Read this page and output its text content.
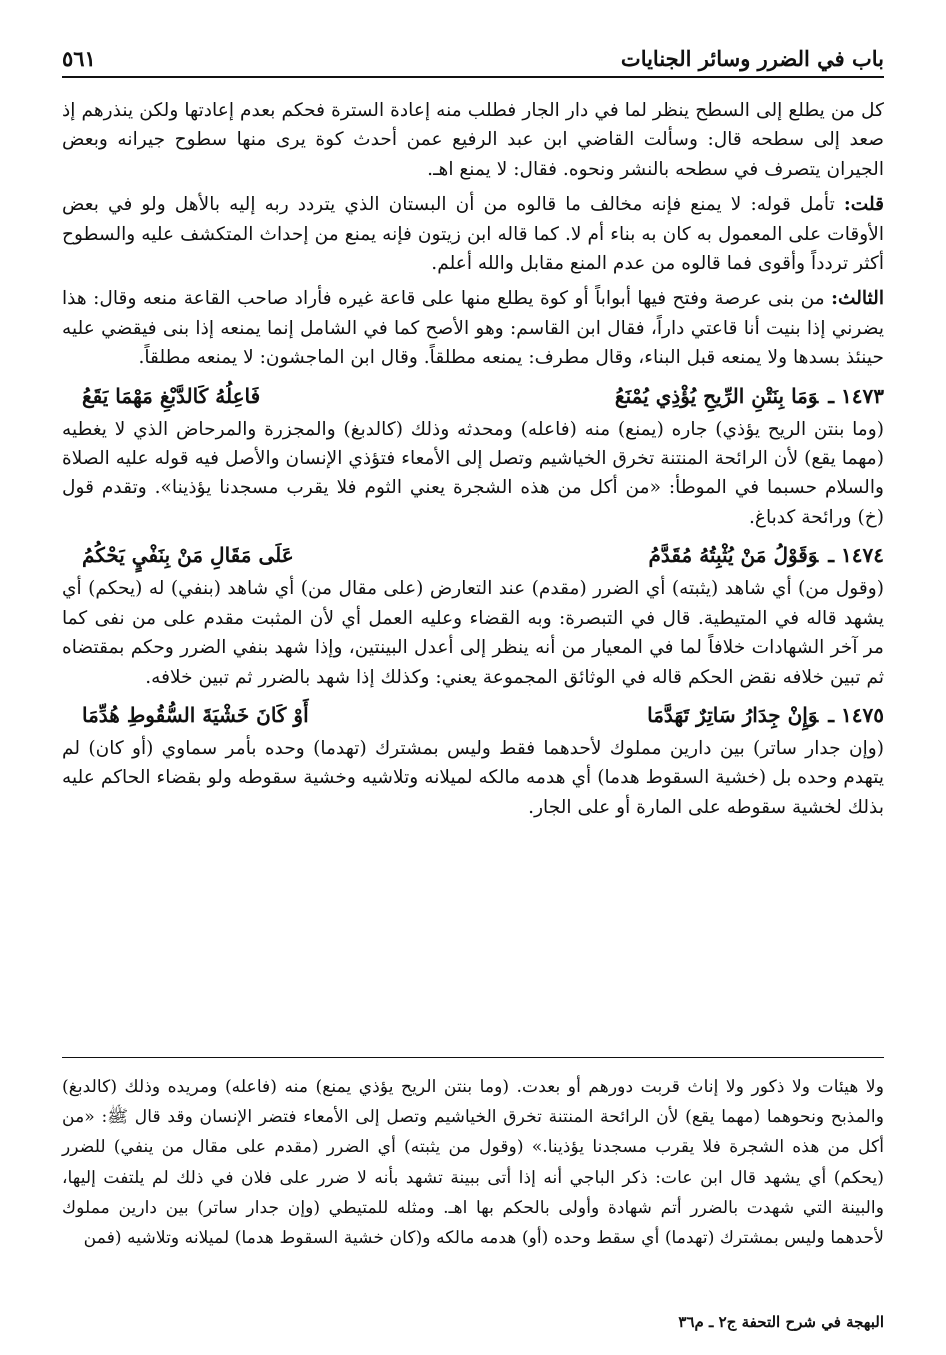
باب في الضرر وسائر الجنايات
٥٦١

كل من يطلع إلى السطح ينظر لما في دار الجار فطلب منه إعادة السترة فحكم بعدم إعادتها ولكن ينذرهم إذ صعد إلى سطحه قال: وسألت القاضي ابن عبد الرفيع عمن أحدث كوة يرى منها سطوح جيرانه وبعض الجيران يتصرف في سطحه بالنشر ونحوه. فقال: لا يمنع اهـ.

قلت: تأمل قوله: لا يمنع فإنه مخالف ما قالوه من أن البستان الذي يتردد ربه إليه بالأهل ولو في بعض الأوقات على المعمول به كان به بناء أم لا. كما قاله ابن زيتون فإنه يمنع من إحداث المتكشف عليه والسطوح أكثر تردداً وأقوى فما قالوه من عدم المنع مقابل والله أعلم.

الثالث: من بنى عرصة وفتح فيها أبواباً أو كوة يطلع منها على قاعة غيره فأراد صاحب القاعة منعه وقال: هذا يضرني إذا بنيت أنا قاعتي داراً، فقال ابن القاسم: وهو الأصح كما في الشامل إنما يمنعه إذا بنى فيقضي عليه حينئذ بسدها ولا يمنعه قبل البناء، وقال مطرف: يمنعه مطلقاً. وقال ابن الماجشون: لا يمنعه مطلقاً.

١٤٧٣ ـوَمَا بِنَتْنِ الرِّيحِ يُؤْذِي يُمْنَعُ
فَاعِلُهُ كَالدَّبْغِ مَهْمَا يَقَعُ

(وما بنتن الريح يؤذي) جاره (يمنع) منه (فاعله) ومحدثه وذلك (كالدبغ) والمجزرة والمرحاض الذي لا يغطيه (مهما يقع) لأن الرائحة المنتنة تخرق الخياشيم وتصل إلى الأمعاء فتؤذي الإنسان والأصل فيه قوله عليه الصلاة والسلام حسبما في الموطأ: «من أكل من هذه الشجرة يعني الثوم فلا يقرب مسجدنا يؤذينا». وتقدم قول (خ) ورائحة كدباغ.

١٤٧٤ ـوَقَوْلُ مَنْ يُثْبِتُهُ مُقَدَّمُ
عَلَى مَقَالِ مَنْ بِنَفْيٍ يَحْكُمُ

(وقول من) أي شاهد (يثبته) أي الضرر (مقدم) عند التعارض (على مقال من) أي شاهد (بنفي) له (يحكم) أي يشهد قاله في المتيطية. قال في التبصرة: وبه القضاء وعليه العمل أي لأن المثبت مقدم على من نفى كما مر آخر الشهادات خلافاً لما في المعيار من أنه ينظر إلى أعدل البينتين، وإذا شهد بنفي الضرر وحكم بمقتضاه ثم تبين خلافه نقض الحكم قاله في الوثائق المجموعة يعني: وكذلك إذا شهد بالضرر ثم تبين خلافه.

١٤٧٥ ـوَإِنْ جِدَارُ سَاتِرٌ تَهَدَّمَا
أَوْ كَانَ خَشْيَةَ السُّقُوطِ هُدِّمَا

(وإن جدار ساتر) بين دارين مملوك لأحدهما فقط وليس بمشترك (تهدما) وحده بأمر سماوي (أو كان) لم يتهدم وحده بل (خشية السقوط هدما) أي هدمه مالكه لميلانه وتلاشيه وخشية سقوطه ولو بقضاء الحاكم عليه بذلك لخشية سقوطه على المارة أو على الجار.

ولا هيئات ولا ذكور ولا إناث قربت دورهم أو بعدت. (وما بنتن الريح يؤذي يمنع) منه (فاعله) ومريده وذلك (كالدبغ) والمذبح ونحوهما (مهما يقع) لأن الرائحة المنتنة تخرق الخياشيم وتصل إلى الأمعاء فتضر الإنسان وقد قال ﷺ: «من أكل من هذه الشجرة فلا يقرب مسجدنا يؤذينا.» (وقول من يثبته) أي الضرر (مقدم على مقال من ينفي) للضرر (يحكم) أي يشهد قال ابن عات: ذكر الباجي أنه إذا أتى ببينة تشهد بأنه لا ضرر على فلان في ذلك لم يلتفت إليها، والبينة التي شهدت بالضرر أتم شهادة وأولى بالحكم بها اهـ. ومثله للمتيطي (وإن جدار ساتر) بين دارين مملوك لأحدهما وليس بمشترك (تهدما) أي سقط وحده (أو) هدمه مالكه و(كان خشية السقوط هدما) لميلانه وتلاشيه (فمن
البهجة في شرح التحفة ج٢ ـ م٣٦
